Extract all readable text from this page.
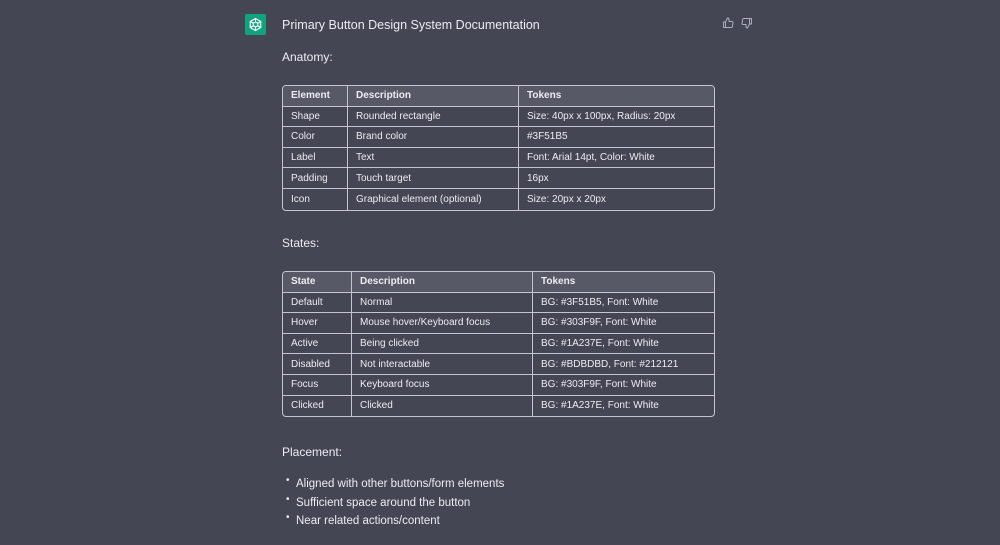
Primary Button Design System Documentation
Anatomy:
Element	Description	Tokens
Shape	Rounded rectangle	Size: 40px x 100px, Radius: 20px
Color	Brand color	#3F51B5
Label	Text	Font: Arial 14pt, Color: White
Padding	Touch target	16px
Icon	Graphical element (optional)	Size: 20px x 20px
States:
State	Description	Tokens
Default	Normal	BG: #3F51B5, Font: White
Hover	Mouse hover/Keyboard focus	BG: #303F9F, Font: White
Active	Being clicked	BG: #1A237E, Font: White
Disabled	Not interactable	BG: #BDBDBD, Font: #212121
Focus	Keyboard focus	BG: #303F9F, Font: White
Clicked	Clicked	BG: #1A237E, Font: White
Placement:
• Aligned with other buttons/form elements
• Sufficient space around the button
• Near related actions/content
